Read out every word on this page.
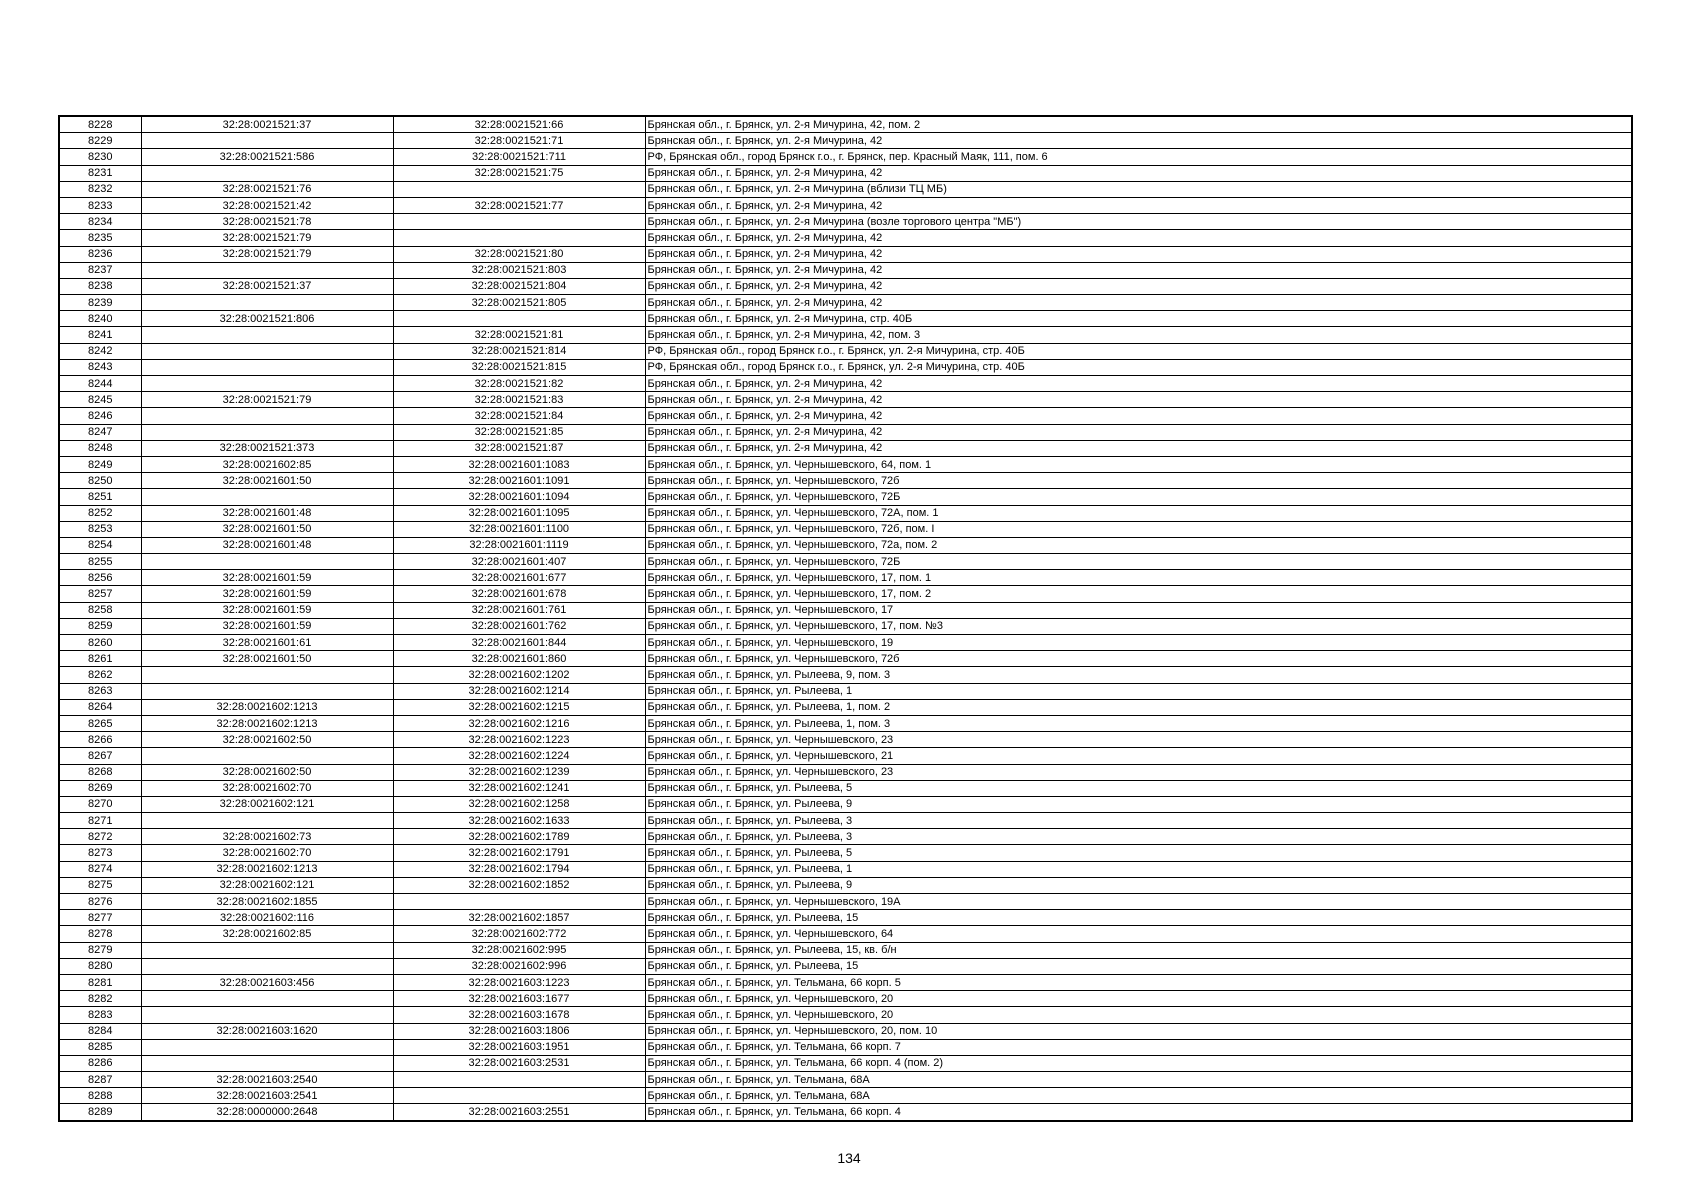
8228	32:28:0021521:37	32:28:0021521:66	Брянская обл., г. Брянск, ул. 2-я Мичурина, 42, пом. 2
8229		32:28:0021521:71	Брянская обл., г. Брянск, ул. 2-я Мичурина, 42
8230	32:28:0021521:586	32:28:0021521:711	РФ, Брянская обл., город Брянск г.о., г. Брянск, пер. Красный Маяк, 111, пом. 6
8231		32:28:0021521:75	Брянская обл., г. Брянск, ул. 2-я Мичурина, 42
8232	32:28:0021521:76		Брянская обл., г. Брянск, ул. 2-я Мичурина (вблизи ТЦ МБ)
8233	32:28:0021521:42	32:28:0021521:77	Брянская обл., г. Брянск, ул. 2-я Мичурина, 42
8234	32:28:0021521:78		Брянская обл., г. Брянск, ул. 2-я Мичурина (возле торгового центра "МБ")
8235	32:28:0021521:79		Брянская обл., г. Брянск, ул. 2-я Мичурина, 42
8236	32:28:0021521:79	32:28:0021521:80	Брянская обл., г. Брянск, ул. 2-я Мичурина, 42
8237		32:28:0021521:803	Брянская обл., г. Брянск, ул. 2-я Мичурина, 42
8238	32:28:0021521:37	32:28:0021521:804	Брянская обл., г. Брянск, ул. 2-я Мичурина, 42
8239		32:28:0021521:805	Брянская обл., г. Брянск, ул. 2-я Мичурина, 42
8240	32:28:0021521:806		Брянская обл., г. Брянск, ул. 2-я Мичурина, стр. 40Б
8241		32:28:0021521:81	Брянская обл., г. Брянск, ул. 2-я Мичурина, 42, пом. 3
8242		32:28:0021521:814	РФ, Брянская обл., город Брянск г.о., г. Брянск, ул. 2-я Мичурина, стр. 40Б
8243		32:28:0021521:815	РФ, Брянская обл., город Брянск г.о., г. Брянск, ул. 2-я Мичурина, стр. 40Б
8244		32:28:0021521:82	Брянская обл., г. Брянск, ул. 2-я Мичурина, 42
8245	32:28:0021521:79	32:28:0021521:83	Брянская обл., г. Брянск, ул. 2-я Мичурина, 42
8246		32:28:0021521:84	Брянская обл., г. Брянск, ул. 2-я Мичурина, 42
8247		32:28:0021521:85	Брянская обл., г. Брянск, ул. 2-я Мичурина, 42
8248	32:28:0021521:373	32:28:0021521:87	Брянская обл., г. Брянск, ул. 2-я Мичурина, 42
8249	32:28:0021602:85	32:28:0021601:1083	Брянская обл., г. Брянск, ул. Чернышевского, 64, пом. 1
8250	32:28:0021601:50	32:28:0021601:1091	Брянская обл., г. Брянск, ул. Чернышевского, 72б
8251		32:28:0021601:1094	Брянская обл., г. Брянск, ул. Чернышевского, 72Б
8252	32:28:0021601:48	32:28:0021601:1095	Брянская обл., г. Брянск, ул. Чернышевского, 72А, пом. 1
8253	32:28:0021601:50	32:28:0021601:1100	Брянская обл., г. Брянск, ул. Чернышевского, 72б, пом. I
8254	32:28:0021601:48	32:28:0021601:1119	Брянская обл., г. Брянск, ул. Чернышевского, 72а, пом. 2
8255		32:28:0021601:407	Брянская обл., г. Брянск, ул. Чернышевского, 72Б
8256	32:28:0021601:59	32:28:0021601:677	Брянская обл., г. Брянск, ул. Чернышевского, 17, пом. 1
8257	32:28:0021601:59	32:28:0021601:678	Брянская обл., г. Брянск, ул. Чернышевского, 17, пом. 2
8258	32:28:0021601:59	32:28:0021601:761	Брянская обл., г. Брянск, ул. Чернышевского, 17
8259	32:28:0021601:59	32:28:0021601:762	Брянская обл., г. Брянск, ул. Чернышевского, 17, пом. №3
8260	32:28:0021601:61	32:28:0021601:844	Брянская обл., г. Брянск, ул. Чернышевского, 19
8261	32:28:0021601:50	32:28:0021601:860	Брянская обл., г. Брянск, ул. Чернышевского, 72б
8262		32:28:0021602:1202	Брянская обл., г. Брянск, ул. Рылеева, 9, пом. 3
8263		32:28:0021602:1214	Брянская обл., г. Брянск, ул. Рылеева, 1
8264	32:28:0021602:1213	32:28:0021602:1215	Брянская обл., г. Брянск, ул. Рылеева, 1, пом. 2
8265	32:28:0021602:1213	32:28:0021602:1216	Брянская обл., г. Брянск, ул. Рылеева, 1, пом. 3
8266	32:28:0021602:50	32:28:0021602:1223	Брянская обл., г. Брянск, ул. Чернышевского, 23
8267		32:28:0021602:1224	Брянская обл., г. Брянск, ул. Чернышевского, 21
8268	32:28:0021602:50	32:28:0021602:1239	Брянская обл., г. Брянск, ул. Чернышевского, 23
8269	32:28:0021602:70	32:28:0021602:1241	Брянская обл., г. Брянск, ул. Рылеева, 5
8270	32:28:0021602:121	32:28:0021602:1258	Брянская обл., г. Брянск, ул. Рылеева, 9
8271		32:28:0021602:1633	Брянская обл., г. Брянск, ул. Рылеева, 3
8272	32:28:0021602:73	32:28:0021602:1789	Брянская обл., г. Брянск, ул. Рылеева, 3
8273	32:28:0021602:70	32:28:0021602:1791	Брянская обл., г. Брянск, ул. Рылеева, 5
8274	32:28:0021602:1213	32:28:0021602:1794	Брянская обл., г. Брянск, ул. Рылеева, 1
8275	32:28:0021602:121	32:28:0021602:1852	Брянская обл., г. Брянск, ул. Рылеева, 9
8276	32:28:0021602:1855		Брянская обл., г. Брянск, ул. Чернышевского, 19А
8277	32:28:0021602:116	32:28:0021602:1857	Брянская обл., г. Брянск, ул. Рылеева, 15
8278	32:28:0021602:85	32:28:0021602:772	Брянская обл., г. Брянск, ул. Чернышевского, 64
8279		32:28:0021602:995	Брянская обл., г. Брянск, ул. Рылеева, 15, кв. б/н
8280		32:28:0021602:996	Брянская обл., г. Брянск, ул. Рылеева, 15
8281	32:28:0021603:456	32:28:0021603:1223	Брянская обл., г. Брянск, ул. Тельмана, 66 корп. 5
8282		32:28:0021603:1677	Брянская обл., г. Брянск, ул. Чернышевского, 20
8283		32:28:0021603:1678	Брянская обл., г. Брянск, ул. Чернышевского, 20
8284	32:28:0021603:1620	32:28:0021603:1806	Брянская обл., г. Брянск, ул. Чернышевского, 20, пом. 10
8285		32:28:0021603:1951	Брянская обл., г. Брянск, ул. Тельмана, 66 корп. 7
8286		32:28:0021603:2531	Брянская обл., г. Брянск, ул. Тельмана, 66 корп. 4 (пом. 2)
8287	32:28:0021603:2540		Брянская обл., г. Брянск, ул. Тельмана, 68А
8288	32:28:0021603:2541		Брянская обл., г. Брянск, ул. Тельмана, 68А
8289	32:28:0000000:2648	32:28:0021603:2551	Брянская обл., г. Брянск, ул. Тельмана, 66 корп. 4
134
